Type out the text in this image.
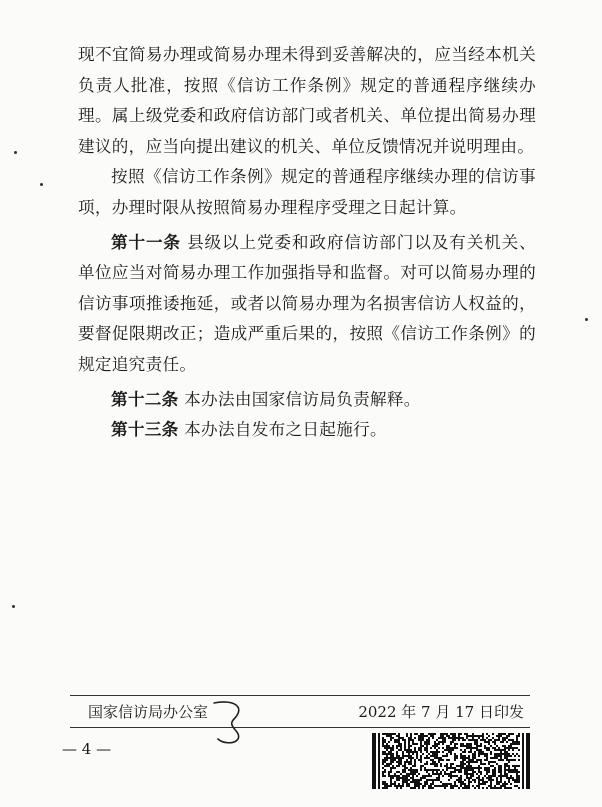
现不宜简易办理或简易办理未得到妥善解决的，应当经本机关负责人批准，按照《信访工作条例》规定的普通程序继续办理。属上级党委和政府信访部门或者机关、单位提出简易办理建议的，应当向提出建议的机关、单位反馈情况并说明理由。

按照《信访工作条例》规定的普通程序继续办理的信访事项，办理时限从按照简易办理程序受理之日起计算。

第十一条 县级以上党委和政府信访部门以及有关机关、单位应当对简易办理工作加强指导和监督。对可以简易办理的信访事项推诿拖延，或者以简易办理为名损害信访人权益的，要督促限期改正；造成严重后果的，按照《信访工作条例》的规定追究责任。

第十二条 本办法由国家信访局负责解释。

第十三条 本办法自发布之日起施行。

国家信访局办公室	2022 年 7 月 17 日印发
— 4 —
